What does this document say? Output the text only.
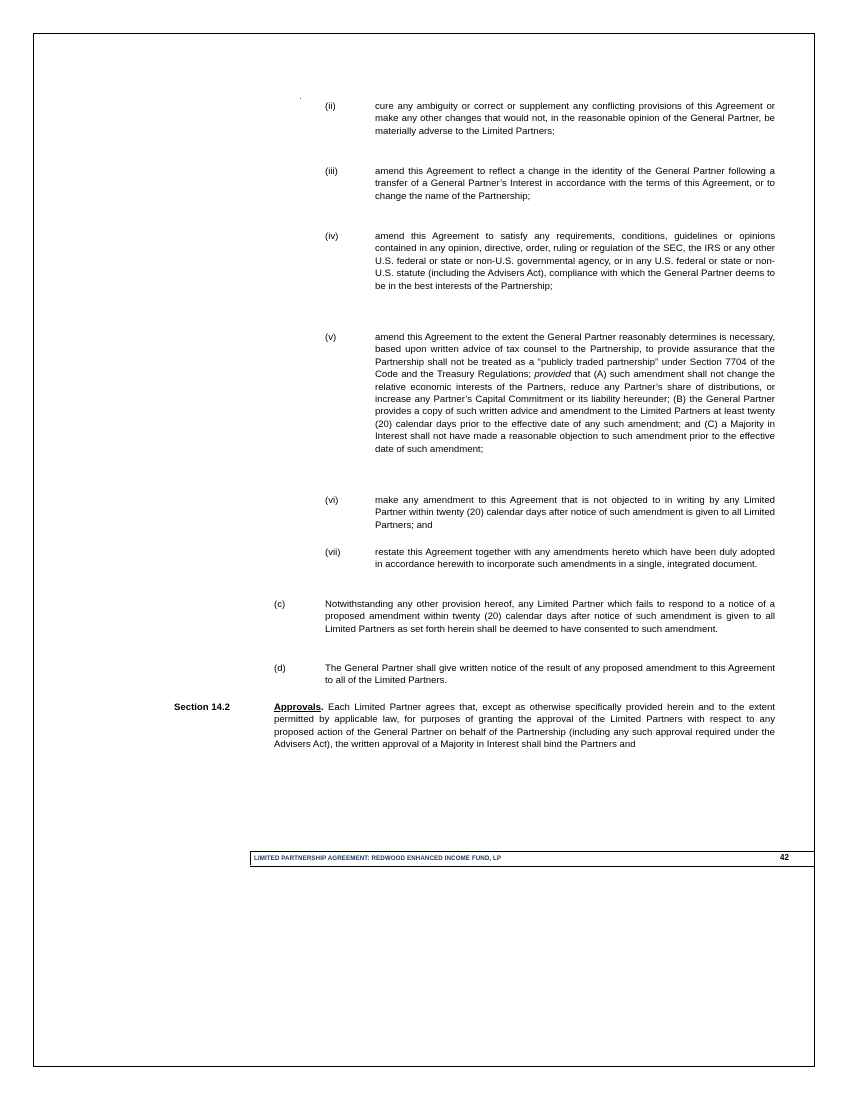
(ii)	cure any ambiguity or correct or supplement any conflicting provisions of this Agreement or make any other changes that would not, in the reasonable opinion of the General Partner, be materially adverse to the Limited Partners;
(iii)	amend this Agreement to reflect a change in the identity of the General Partner following a transfer of a General Partner’s Interest in accordance with the terms of this Agreement, or to change the name of the Partnership;
(iv)	amend this Agreement to satisfy any requirements, conditions, guidelines or opinions contained in any opinion, directive, order, ruling or regulation of the SEC, the IRS or any other U.S. federal or state or non-U.S. governmental agency, or in any U.S. federal or state or non-U.S. statute (including the Advisers Act), compliance with which the General Partner deems to be in the best interests of the Partnership;
(v)	amend this Agreement to the extent the General Partner reasonably determines is necessary, based upon written advice of tax counsel to the Partnership, to provide assurance that the Partnership shall not be treated as a “publicly traded partnership” under Section 7704 of the Code and the Treasury Regulations; provided that (A) such amendment shall not change the relative economic interests of the Partners, reduce any Partner’s share of distributions, or increase any Partner’s Capital Commitment or its liability hereunder; (B) the General Partner provides a copy of such written advice and amendment to the Limited Partners at least twenty (20) calendar days prior to the effective date of any such amendment; and (C) a Majority in Interest shall not have made a reasonable objection to such amendment prior to the effective date of such amendment;
(vi)	make any amendment to this Agreement that is not objected to in writing by any Limited Partner within twenty (20) calendar days after notice of such amendment is given to all Limited Partners; and
(vii)	restate this Agreement together with any amendments hereto which have been duly adopted in accordance herewith to incorporate such amendments in a single, integrated document.
(c)	Notwithstanding any other provision hereof, any Limited Partner which fails to respond to a notice of a proposed amendment within twenty (20) calendar days after notice of such amendment is given to all Limited Partners as set forth herein shall be deemed to have consented to such amendment.
(d)	The General Partner shall give written notice of the result of any proposed amendment to this Agreement to all of the Limited Partners.
Section 14.2	Approvals. Each Limited Partner agrees that, except as otherwise specifically provided herein and to the extent permitted by applicable law, for purposes of granting the approval of the Limited Partners with respect to any proposed action of the General Partner on behalf of the Partnership (including any such approval required under the Advisers Act), the written approval of a Majority in Interest shall bind the Partners and
LIMITED PARTNERSHIP AGREEMENT: REDWOOD ENHANCED INCOME FUND, LP	42
